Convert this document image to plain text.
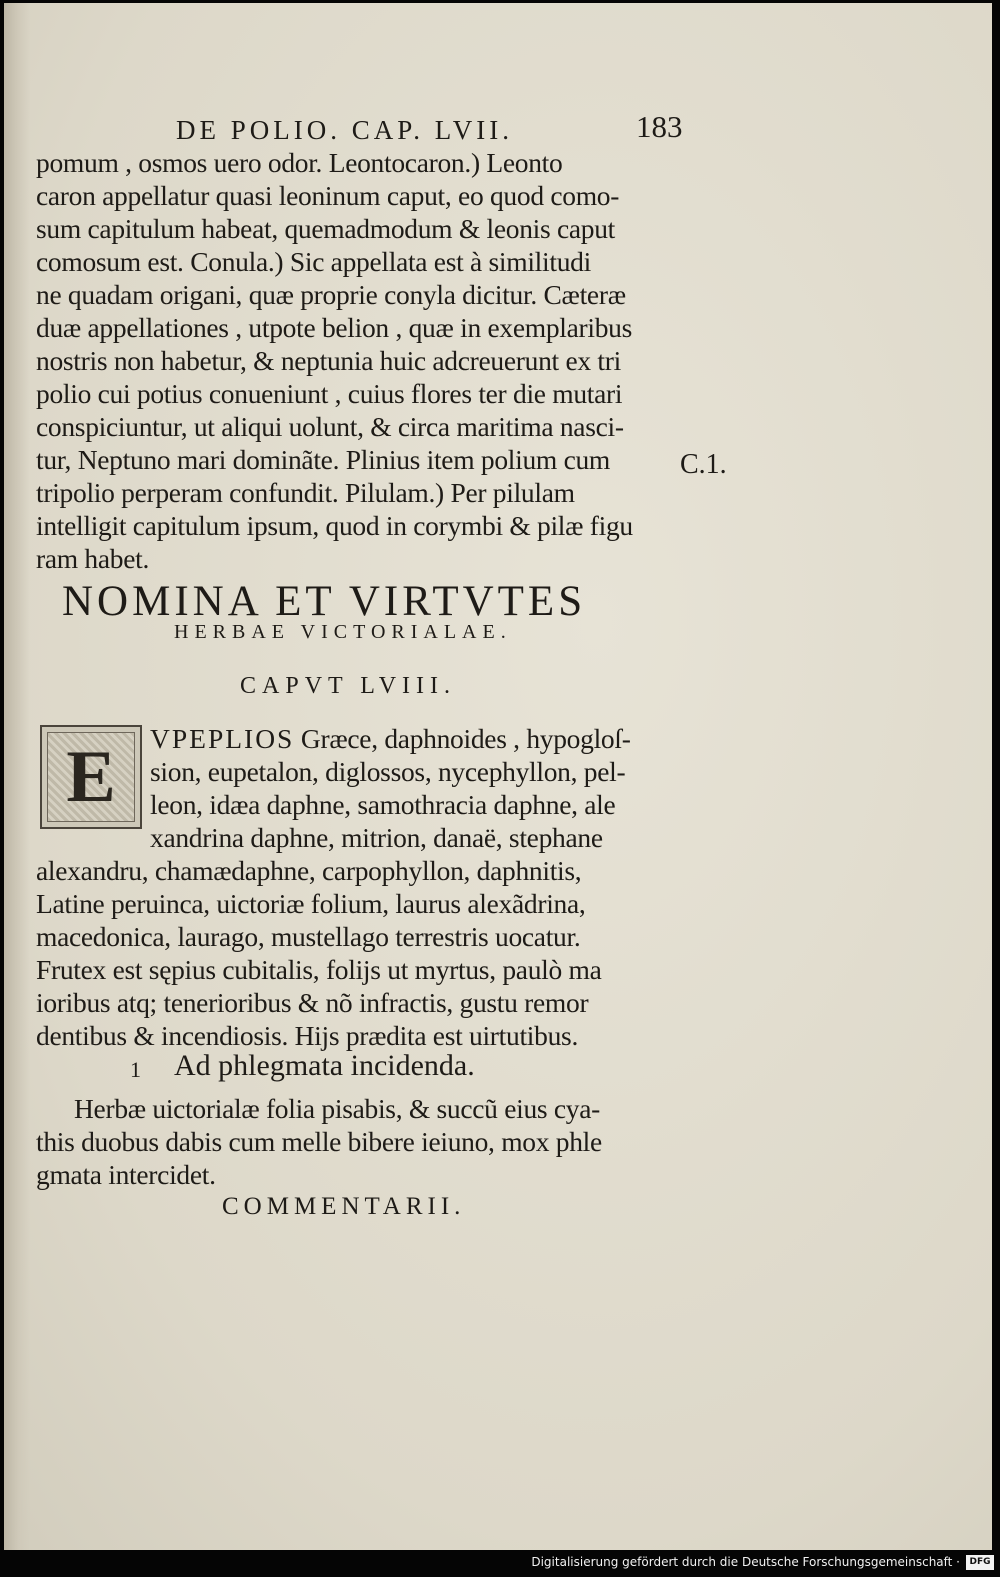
DE POLIO. CAP. LVII.	183
pomum , osmos uero odor. Leontocaron.) Leonto
caron appellatur quasi leoninum caput, eo quod como-
sum capitulum habeat, quemadmodum & leonis caput
comosum est. Conula.) Sic appellata est à similitudi
ne quadam origani, quæ proprie conyla dicitur. Cæteræ
duæ appellationes , utpote belion , quæ in exemplaribus
nostris non habetur, & neptunia huic adcreuerunt ex tri
polio cui potius conueniunt , cuius flores ter die mutari
conspiciuntur, ut aliqui uolunt, & circa maritima nasci-
tur, Neptuno mari dominãte. Plinius item polium cum
tripolio perperam confundit. Pilulam.) Per pilulam
intelligit capitulum ipsum, quod in corymbi & pilæ figu
ram habet.
C.1.
NOMINA ET VIRTVTES
HERBAE VICTORIALAE.
CAPVT LVIII.
E VPEPLIOS Græce, daphnoides , hypogloſ-
sion, eupetalon, diglossos, nycephyllon, pel-
leon, idæa daphne, samothracia daphne, ale
xandrina daphne, mitrion, danaë, stephane
alexandru, chamædaphne, carpophyllon, daphnitis,
Latine peruinca, uictoriæ folium, laurus alexãdrina,
macedonica, laurago, mustellago terrestris uocatur.
Frutex est sępius cubitalis, folijs ut myrtus, paulò ma
ioribus atq; tenerioribus & nõ infractis, gustu remor
dentibus & incendiosis. Hijs prædita est uirtutibus.
1 Ad phlegmata incidenda.
Herbæ uictorialæ folia pisabis, & succũ eius cya-
this duobus dabis cum melle bibere ieiuno, mox phle
gmata intercidet.
COMMENTARII.
Digitalisierung gefördert durch die Deutsche Forschungsgemeinschaft ·	DFG
